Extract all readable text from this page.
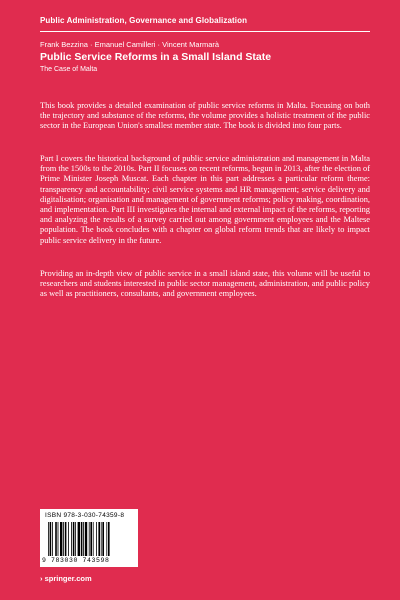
Public Administration, Governance and Globalization
Frank Bezzina · Emanuel Camilleri · Vincent Marmarà
Public Service Reforms in a Small Island State
The Case of Malta

This book provides a detailed examination of public service reforms in Malta. Focusing on both the trajectory and substance of the reforms, the volume provides a holistic treatment of the public sector in the European Union's smallest member state. The book is divided into four parts.

Part I covers the historical background of public service administration and management in Malta from the 1500s to the 2010s. Part II focuses on recent reforms, begun in 2013, after the election of Prime Minister Joseph Muscat. Each chapter in this part addresses a particular reform theme: transparency and accountability; civil service systems and HR management; service delivery and digitalisation; organisation and management of government reforms; policy making, coordination, and implementation. Part III investigates the internal and external impact of the reforms, reporting and analyzing the results of a survey carried out among government employees and the Maltese population. The book concludes with a chapter on global reform trends that are likely to impact public service delivery in the future.

Providing an in-depth view of public service in a small island state, this volume will be useful to researchers and students interested in public sector management, administration, and public policy as well as practitioners, consultants, and government employees.

ISBN 978-3-030-74359-8
9 783030 743598
› springer.com
